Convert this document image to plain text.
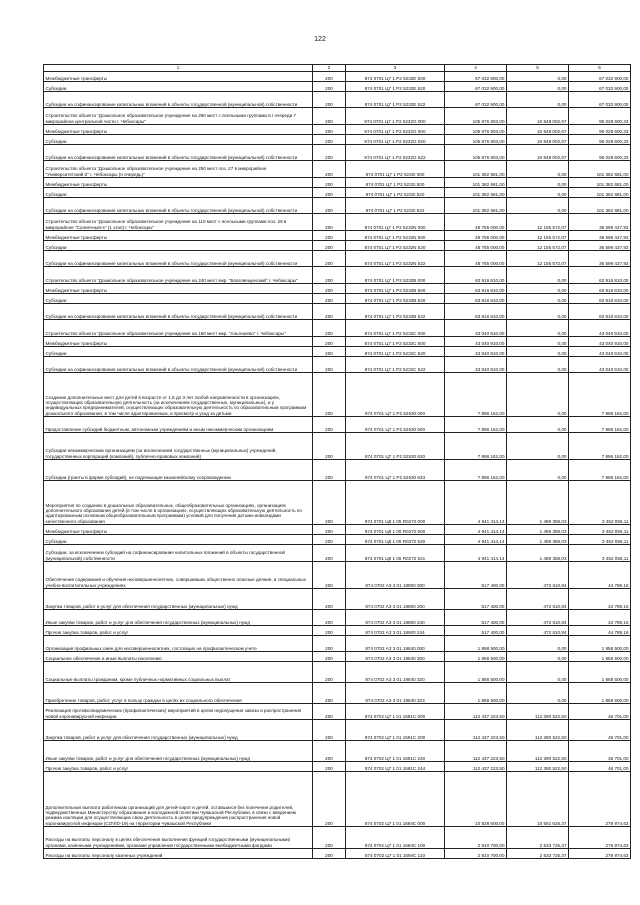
122
1	2	3	4	5	6
Межбюджетные трансферты	200	874 0701 Ц7 1 P2 5232Е 500	67 032 900,00	0,00	67 032 900,00
Субсидии	200	874 0701 Ц7 1 P2 5232Е 520	67 032 900,00	0,00	67 032 900,00
Субсидии на софинансирование капитальных вложений в объекты государственной (муниципальной) собственности	200	874 0701 Ц7 1 P2 5232Е 522	67 032 900,00	0,00	67 032 900,00
Строительство объекта "Дошкольное образовательное учреждение на 280 мест с ясельными группами в I очереди 7 микрорайона центральной части г. Чебоксары"	200	874 0701 Ц7 1 P2 5232G 000	105 676 603,00	10 648 002,67	95 028 600,33
Межбюджетные трансферты	200	874 0701 Ц7 1 P2 5232G 500	105 676 603,00	10 648 002,67	95 028 600,33
Субсидии	200	874 0701 Ц7 1 P2 5232G 520	105 676 603,00	10 648 002,67	95 028 600,33
Субсидии на софинансирование капитальных вложений в объекты государственной (муниципальной) собственности	200	874 0701 Ц7 1 P2 5232G 522	105 676 603,00	10 648 002,67	95 028 600,33
Строительство объекта "Дошкольное образовательное учреждение на 250 мест поз. 27 в микрорайоне "Университетский-2" г. Чебоксары (II очередь)"	200	874 0701 Ц7 1 P2 5232I 000	101 382 681,00	0,00	101 382 681,00
Межбюджетные трансферты	200	874 0701 Ц7 1 P2 5232I 500	101 382 681,00	0,00	101 382 681,00
Субсидии	200	874 0701 Ц7 1 P2 5232I 520	101 382 681,00	0,00	101 382 681,00
Субсидии на софинансирование капитальных вложений в объекты государственной (муниципальной) собственности	200	874 0701 Ц7 1 P2 5232I 522	101 382 681,00	0,00	101 382 681,00
Строительство объекта "Дошкольное образовательное учреждение на 110 мест с ясельными группами поз. 29 в микрорайоне "Солнечный-4" (1 этап) г. Чебоксары"	200	874 0701 Ц7 1 P2 5232N 000	48 755 000,00	12 155 572,07	36 599 427,93
Межбюджетные трансферты	200	874 0701 Ц7 1 P2 5232N 500	48 755 000,00	12 155 572,07	36 599 427,93
Субсидии	200	874 0701 Ц7 1 P2 5232N 520	48 755 000,00	12 155 572,07	36 599 427,93
Субсидии на софинансирование капитальных вложений в объекты государственной (муниципальной) собственности	200	874 0701 Ц7 1 P2 5232N 522	48 755 000,00	12 155 572,07	36 599 427,93
Строительство объекта "Дошкольное образовательное учреждение на 240 мест мкр. "Благовещенский" г. Чебоксары"	200	874 0701 Ц7 1 P2 5232B 000	63 916 810,00	0,00	63 916 810,00
Межбюджетные трансферты	200	874 0701 Ц7 1 P2 5232B 500	63 916 810,00	0,00	63 916 810,00
Субсидии	200	874 0701 Ц7 1 P2 5232B 520	63 916 810,00	0,00	63 916 810,00
Субсидии на софинансирование капитальных вложений в объекты государственной (муниципальной) собственности	200	874 0701 Ц7 1 P2 5232B 522	63 916 810,00	0,00	63 916 810,00
Строительство объекта "Дошкольное образовательное учреждение на 160 мест мкр. "Альгешево" г. Чебоксары"	200	874 0701 Ц7 1 P2 5232C 000	43 040 910,00	0,00	43 040 910,00
Межбюджетные трансферты	200	874 0701 Ц7 1 P2 5232C 500	43 040 910,00	0,00	43 040 910,00
Субсидии	200	874 0701 Ц7 1 P2 5232C 520	43 040 910,00	0,00	43 040 910,00
Субсидии на софинансирование капитальных вложений в объекты государственной (муниципальной) собственности	200	874 0701 Ц7 1 P2 5232C 522	43 040 910,00	0,00	43 040 910,00
Создание дополнительных мест для детей в возрасте от 1,5 до 3 лет любой направленности в организациях, осуществляющих образовательную деятельность (за исключением государственных, муниципальных), и у индивидуальных предпринимателей, осуществляющих образовательную деятельность по образовательным программам дошкольного образования, в том числе адаптированным, и присмотр и уход за детьми	200	874 0701 Ц7 1 P2 52530 000	7 896 162,00	0,00	7 896 162,00
Предоставление субсидий бюджетным, автономным учреждениям и иным некоммерческим организациям	200	874 0701 Ц7 1 P2 52530 600	7 896 162,00	0,00	7 896 162,00
Субсидии некоммерческим организациям (за исключением государственных (муниципальных) учреждений, государственных корпораций (компаний), публично-правовых компаний)	200	874 0701 Ц7 1 P2 52530 630	7 896 162,00	0,00	7 896 162,00
Субсидии (гранты в форме субсидий), не подлежащие казначейскому сопровождению	200	874 0701 Ц7 1 P2 52530 633	7 896 162,00	0,00	7 896 162,00
Мероприятия по созданию в дошкольных образовательных, общеобразовательных организациях, организациях дополнительного образования детей (в том числе в организациях, осуществляющих образовательную деятельность по адаптированным основным общеобразовательным программам) условий для получения детьми-инвалидами качественного образования	200	874 0701 Ц8 1 05 R0272 000	4 941 414,14	1 489 358,03	3 452 056,11
Межбюджетные трансферты	200	874 0701 Ц8 1 05 R0272 500	4 941 414,14	1 489 358,03	3 452 056,11
Субсидии	200	874 0701 Ц8 1 05 R0272 520	4 941 414,14	1 489 358,03	3 452 056,11
Субсидии, за исключением субсидий на софинансирование капитальных вложений в объекты государственной (муниципальной) собственности	200	874 0701 Ц8 1 05 R0272 521	4 941 414,14	1 489 358,03	3 452 056,11
Обеспечение содержания и обучения несовершеннолетних, совершивших общественно опасные деяния, в специальных учебно-воспитательных учреждениях	200	874 0702 А3 3 01 18900 000	517 400,00	472 610,84	44 789,16
Закупка товаров, работ и услуг для обеспечения государственных (муниципальных) нужд	200	874 0702 А3 3 01 18900 200	517 400,00	472 610,84	44 789,16
Иные закупки товаров, работ и услуг для обеспечения государственных (муниципальных) нужд	200	874 0702 А3 3 01 18900 240	517 400,00	472 610,84	44 789,16
Прочая закупка товаров, работ и услуг	200	874 0702 А3 3 01 18900 244	517 400,00	472 610,84	44 789,16
Организация профильных смен для несовершеннолетних, состоящих на профилактическом учете	200	874 0702 А3 3 01 19840 000	1 858 500,00	0,00	1 858 500,00
Социальное обеспечение и иные выплаты населению	200	874 0702 А3 3 01 19840 300	1 858 500,00	0,00	1 858 500,00
Социальные выплаты гражданам, кроме публичных нормативных социальных выплат	200	874 0702 А3 3 01 19840 320	1 858 500,00	0,00	1 858 500,00
Приобретение товаров, работ, услуг в пользу граждан в целях их социального обеспечения	200	874 0702 А3 3 01 19840 323	1 858 500,00	0,00	1 858 500,00
Реализация противоэпидемических (профилактических) мероприятий в целях недопущения завоза и распространения новой коронавирусной инфекции	200	874 0702 Ц7 1 01 1591С 000	112 437 223,50	112 390 522,50	46 701,00
Закупка товаров, работ и услуг для обеспечения государственных (муниципальных) нужд	200	874 0702 Ц7 1 01 1591С 200	112 437 223,50	112 390 522,50	46 701,00
Иные закупки товаров, работ и услуг для обеспечения государственных (муниципальных) нужд	200	874 0702 Ц7 1 01 1591С 240	112 437 223,50	112 390 522,50	46 701,00
Прочая закупка товаров, работ и услуг	200	874 0702 Ц7 1 01 1591С 244	112 437 223,50	112 390 522,50	46 701,00
Дополнительная выплата работникам организаций для детей-сирот и детей, оставшихся без попечения родителей, подведомственных Министерству образования и молодежной политики Чувашской Республики, в связи с введением режима изоляции для осуществляющих свою деятельность в целях предупреждения распространения новой коронавирусной инфекции (COVID-19) на территории Чувашской Республики	200	874 0702 Ц7 1 01 1594С 000	10 828 600,00	10 551 625,37	276 974,63
Расходы на выплаты персоналу в целях обеспечения выполнения функций государственными (муниципальными) органами, казенными учреждениями, органами управления государственными внебюджетными фондами	200	874 0702 Ц7 1 01 1594С 100	2 810 700,00	2 533 725,37	276 974,63
Расходы на выплаты персоналу казенных учреждений	200	874 0702 Ц7 1 01 1594С 110	2 810 700,00	2 533 725,37	276 974,63
